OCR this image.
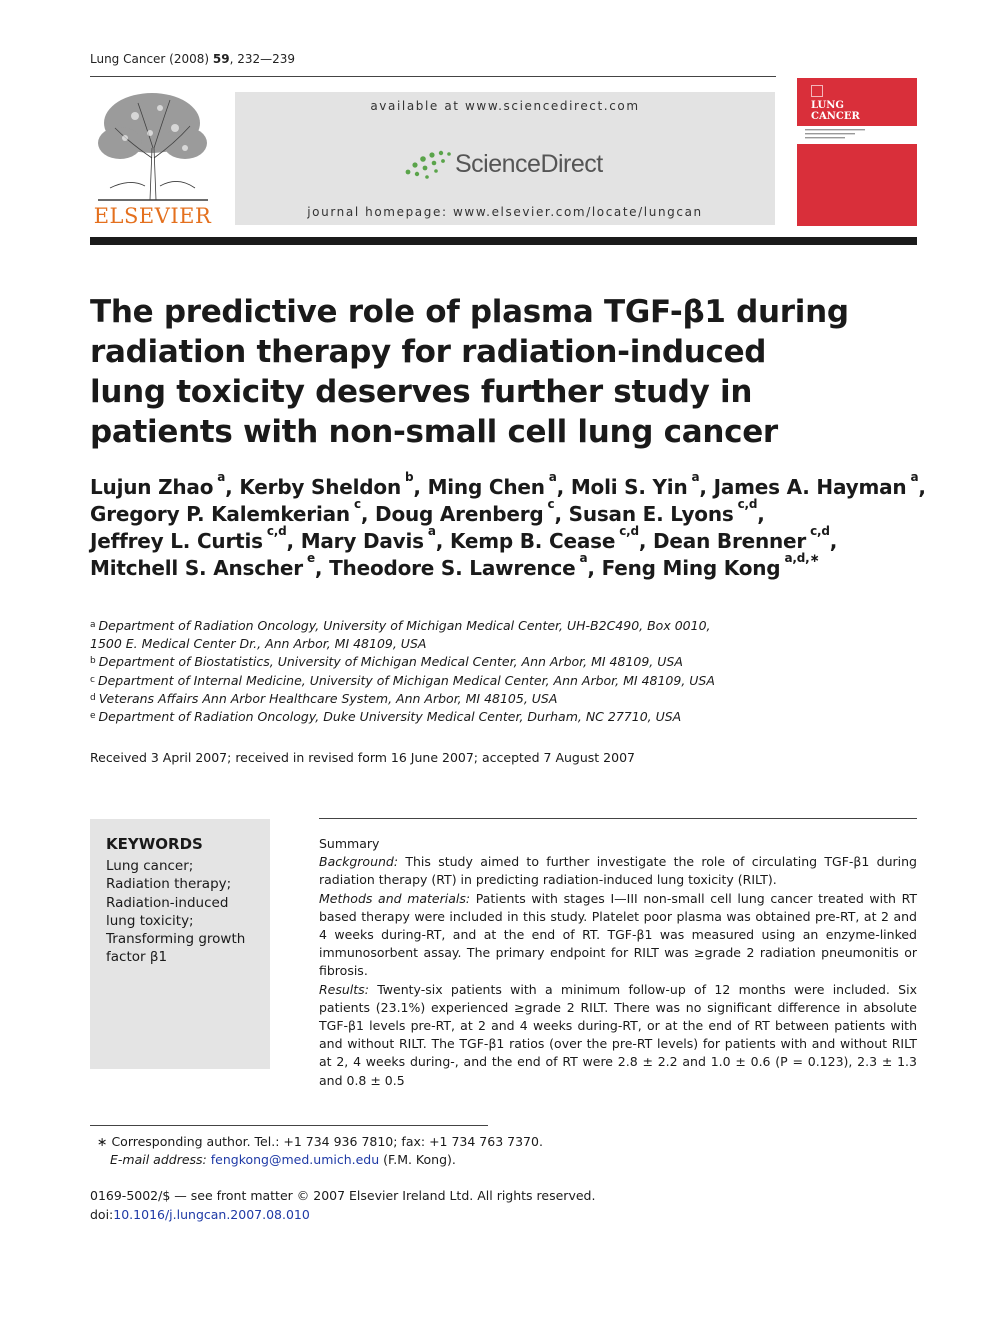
Lung Cancer (2008) 59, 232—239
ELSEVIER
available at www.sciencedirect.com
ScienceDirect
journal homepage: www.elsevier.com/locate/lungcan
LUNG
CANCER
The predictive role of plasma TGF-β1 during radiation therapy for radiation-induced lung toxicity deserves further study in patients with non-small cell lung cancer
Lujun Zhao $^a$, Kerby Sheldon $^b$, Ming Chen $^a$, Moli S. Yin $^a$, James A. Hayman $^a$,
Gregory P. Kalemkerian $^c$, Doug Arenberg $^c$, Susan E. Lyons $^{c,d}$,
Jeffrey L. Curtis $^{c,d}$, Mary Davis $^a$, Kemp B. Cease $^{c,d}$, Dean Brenner $^{c,d}$,
Mitchell S. Anscher $^e$, Theodore S. Lawrence $^a$, Feng Ming Kong $^{a,d,∗}$
$^a$ Department of Radiation Oncology, University of Michigan Medical Center, UH-B2C490, Box 0010,
1500 E. Medical Center Dr., Ann Arbor, MI 48109, USA
$^b$ Department of Biostatistics, University of Michigan Medical Center, Ann Arbor, MI 48109, USA
$^c$ Department of Internal Medicine, University of Michigan Medical Center, Ann Arbor, MI 48109, USA
$^d$ Veterans Affairs Ann Arbor Healthcare System, Ann Arbor, MI 48105, USA
$^e$ Department of Radiation Oncology, Duke University Medical Center, Durham, NC 27710, USA
Received 3 April 2007; received in revised form 16 June 2007; accepted 7 August 2007
KEYWORDS
Lung cancer;
Radiation therapy;
Radiation-induced
lung toxicity;
Transforming growth
factor β1
Summary

Background: This study aimed to further investigate the role of circulating TGF-β1 during radiation therapy (RT) in predicting radiation-induced lung toxicity (RILT).

Methods and materials: Patients with stages I—III non-small cell lung cancer treated with RT based therapy were included in this study. Platelet poor plasma was obtained pre-RT, at 2 and 4 weeks during-RT, and at the end of RT. TGF-β1 was measured using an enzyme-linked immunosorbent assay. The primary endpoint for RILT was ≥grade 2 radiation pneumonitis or fibrosis.

Results: Twenty-six patients with a minimum follow-up of 12 months were included. Six patients (23.1%) experienced ≥grade 2 RILT. There was no significant difference in absolute TGF-β1 levels pre-RT, at 2 and 4 weeks during-RT, or at the end of RT between patients with and without RILT. The TGF-β1 ratios (over the pre-RT levels) for patients with and without RILT at 2, 4 weeks during-, and the end of RT were 2.8 ± 2.2 and 1.0 ± 0.6 (P = 0.123), 2.3 ± 1.3 and 0.8 ± 0.5

∗ Corresponding author. Tel.: +1 734 936 7810; fax: +1 734 763 7370.
E-mail address: fengkong@med.umich.edu (F.M. Kong).
0169-5002/$ — see front matter © 2007 Elsevier Ireland Ltd. All rights reserved.
doi:10.1016/j.lungcan.2007.08.010
